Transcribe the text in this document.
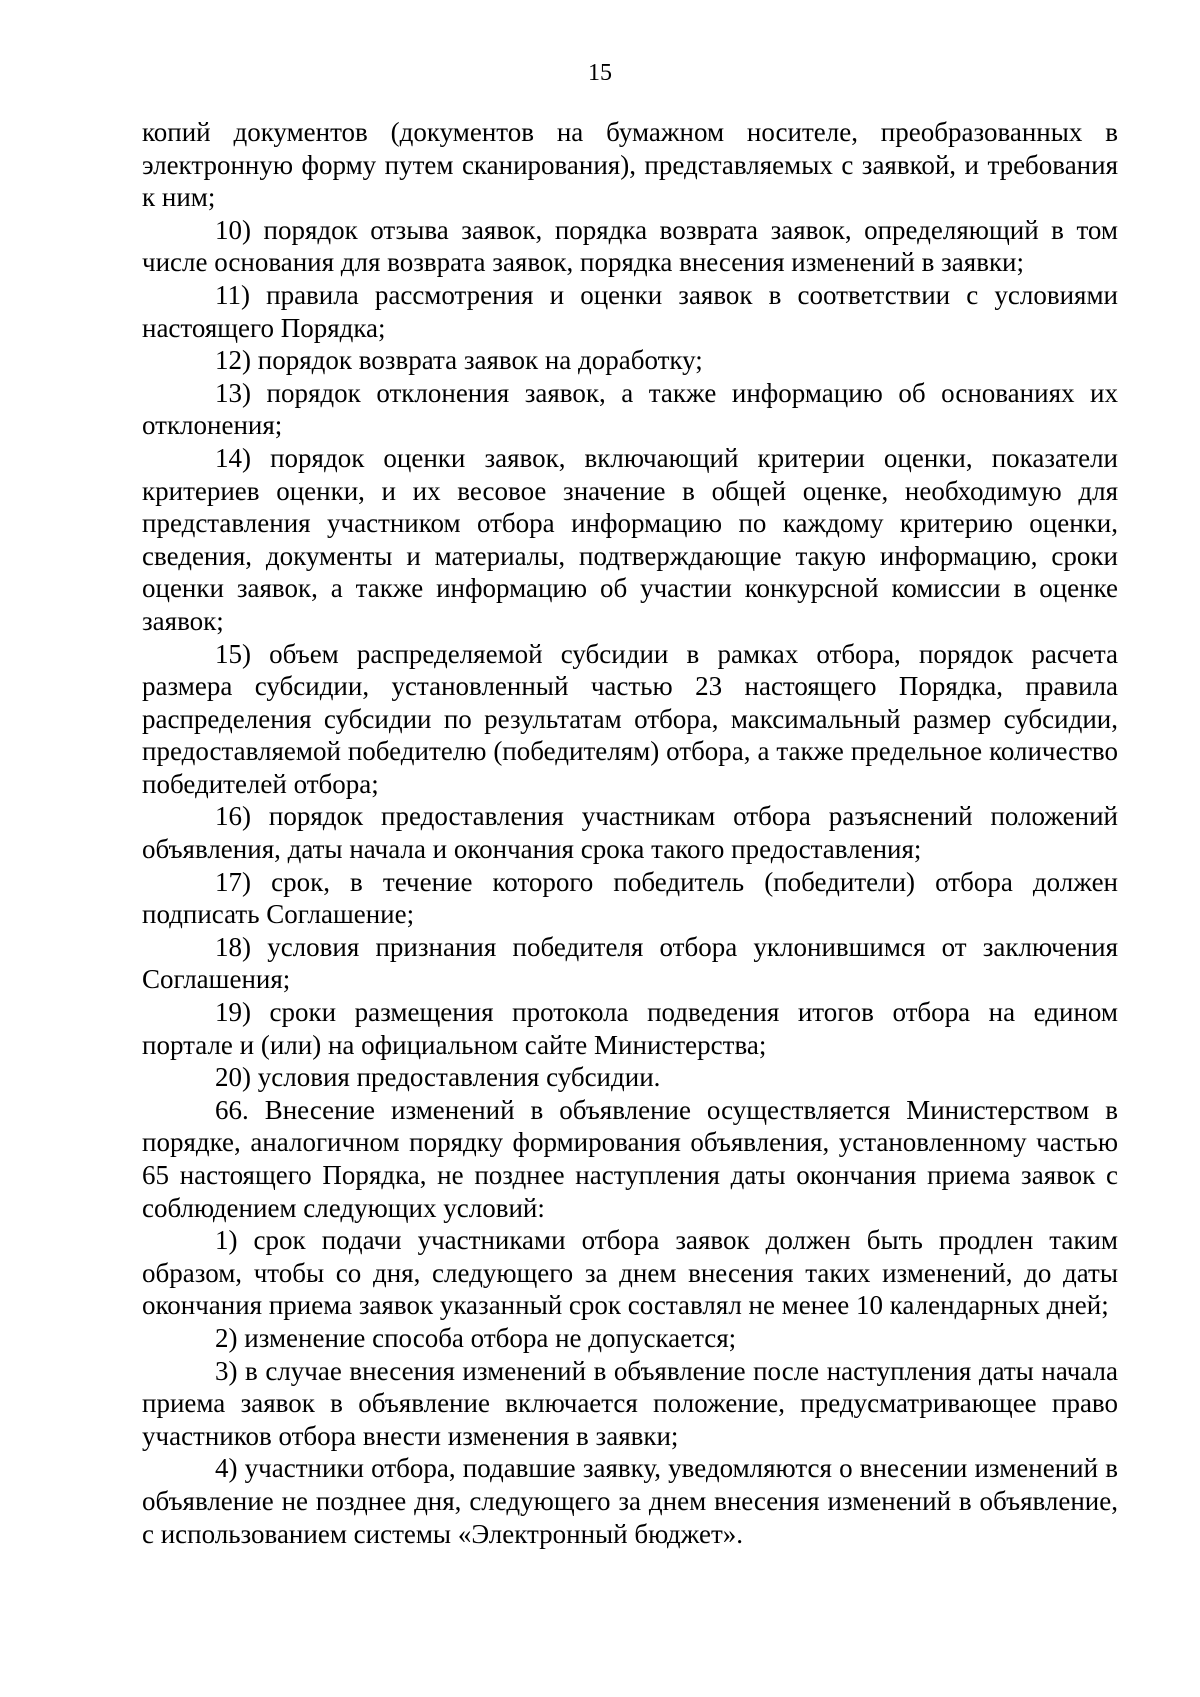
15

копий документов (документов на бумажном носителе, преобразованных в электронную форму путем сканирования), представляемых с заявкой, и требования к ним;

10) порядок отзыва заявок, порядка возврата заявок, определяющий в том числе основания для возврата заявок, порядка внесения изменений в заявки;

11) правила рассмотрения и оценки заявок в соответствии с условиями настоящего Порядка;

12) порядок возврата заявок на доработку;

13) порядок отклонения заявок, а также информацию об основаниях их отклонения;

14) порядок оценки заявок, включающий критерии оценки, показатели критериев оценки, и их весовое значение в общей оценке, необходимую для представления участником отбора информацию по каждому критерию оценки, сведения, документы и материалы, подтверждающие такую информацию, сроки оценки заявок, а также информацию об участии конкурсной комиссии в оценке заявок;

15) объем распределяемой субсидии в рамках отбора, порядок расчета размера субсидии, установленный частью 23 настоящего Порядка, правила распределения субсидии по результатам отбора, максимальный размер субсидии, предоставляемой победителю (победителям) отбора, а также предельное количество победителей отбора;

16) порядок предоставления участникам отбора разъяснений положений объявления, даты начала и окончания срока такого предоставления;

17) срок, в течение которого победитель (победители) отбора должен подписать Соглашение;

18) условия признания победителя отбора уклонившимся от заключения Соглашения;

19) сроки размещения протокола подведения итогов отбора на едином портале и (или) на официальном сайте Министерства;

20) условия предоставления субсидии.

66. Внесение изменений в объявление осуществляется Министерством в порядке, аналогичном порядку формирования объявления, установленному частью 65 настоящего Порядка, не позднее наступления даты окончания приема заявок с соблюдением следующих условий:

1) срок подачи участниками отбора заявок должен быть продлен таким образом, чтобы со дня, следующего за днем внесения таких изменений, до даты окончания приема заявок указанный срок составлял не менее 10 календарных дней;

2) изменение способа отбора не допускается;

3) в случае внесения изменений в объявление после наступления даты начала приема заявок в объявление включается положение, предусматривающее право участников отбора внести изменения в заявки;

4) участники отбора, подавшие заявку, уведомляются о внесении изменений в объявление не позднее дня, следующего за днем внесения изменений в объявление, с использованием системы «Электронный бюджет».
